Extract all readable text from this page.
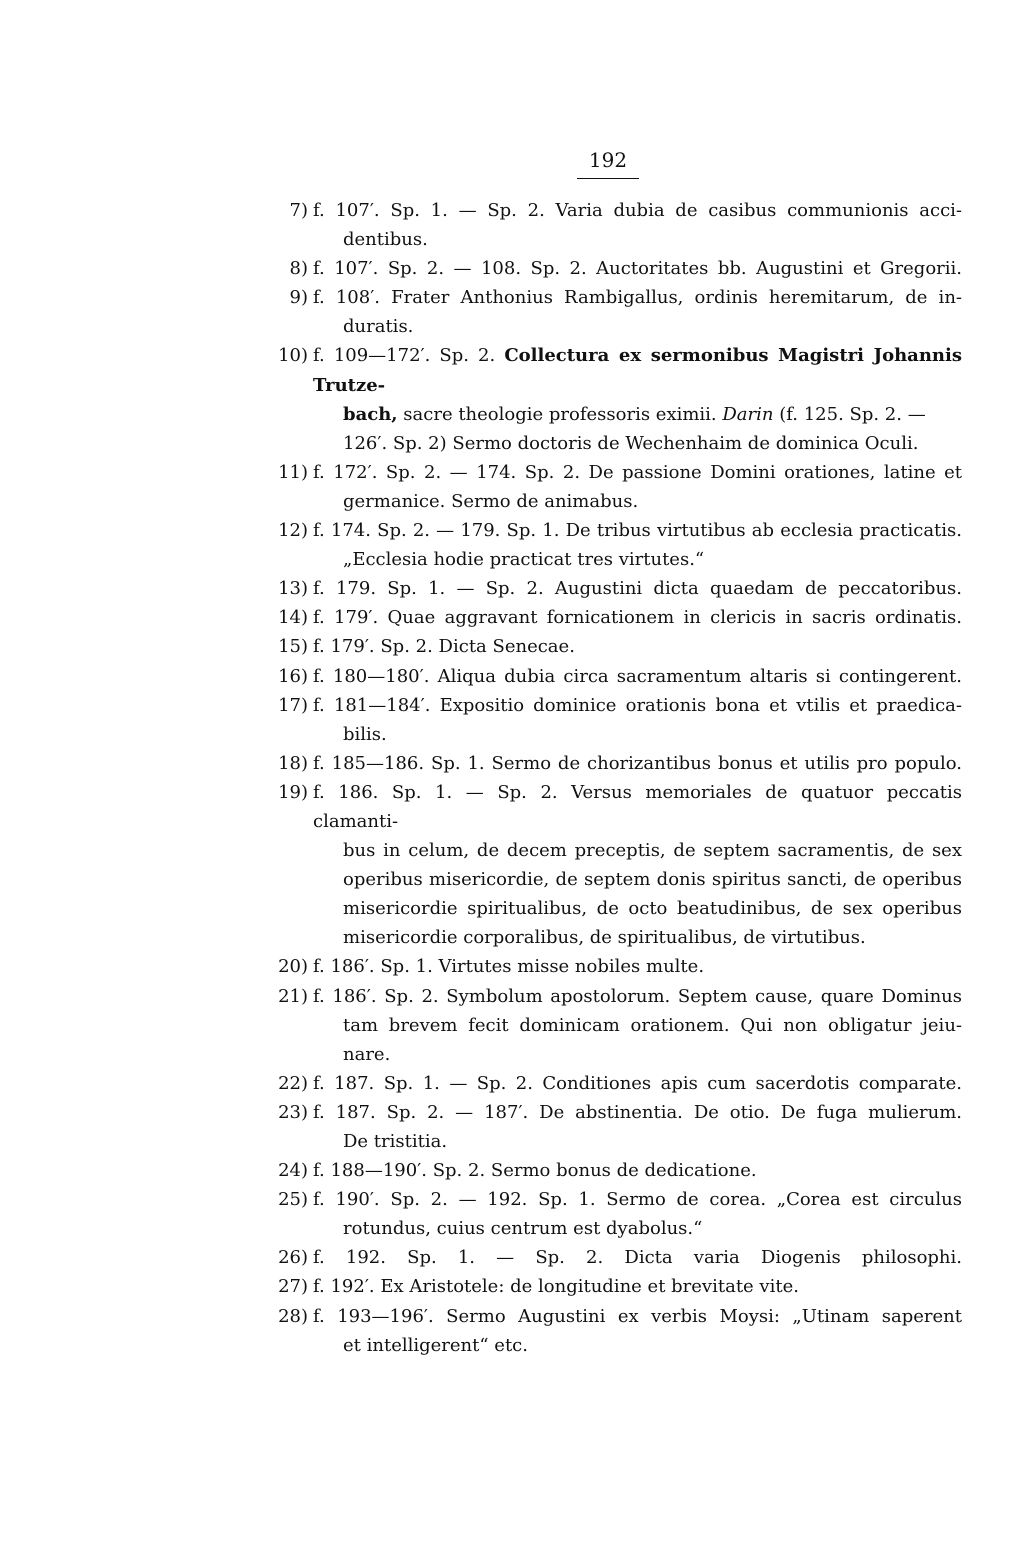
192
7) f. 107′. Sp. 1. — Sp. 2. Varia dubia de casibus communionis acci-
dentibus.
8) f. 107′. Sp. 2. — 108. Sp. 2. Auctoritates bb. Augustini et Gregorii.
9) f. 108′. Frater Anthonius Rambigallus, ordinis heremitarum, de in-
duratis.
10) f. 109—172′. Sp. 2. Collectura ex sermonibus Magistri Johannis Trutze-
bach, sacre theologie professoris eximii. Darin (f. 125. Sp. 2. —
126′. Sp. 2) Sermo doctoris de Wechenhaim de dominica Oculi.
11) f. 172′. Sp. 2. — 174. Sp. 2. De passione Domini orationes, latine et
germanice. Sermo de animabus.
12) f. 174. Sp. 2. — 179. Sp. 1. De tribus virtutibus ab ecclesia practicatis.
„Ecclesia hodie practicat tres virtutes.“
13) f. 179. Sp. 1. — Sp. 2. Augustini dicta quaedam de peccatoribus.
14) f. 179′. Quae aggravant fornicationem in clericis in sacris ordinatis.
15) f. 179′. Sp. 2. Dicta Senecae.
16) f. 180—180′. Aliqua dubia circa sacramentum altaris si contingerent.
17) f. 181—184′. Expositio dominice orationis bona et vtilis et praedica-
bilis.
18) f. 185—186. Sp. 1. Sermo de chorizantibus bonus et utilis pro populo.
19) f. 186. Sp. 1. — Sp. 2. Versus memoriales de quatuor peccatis clamanti-
bus in celum, de decem preceptis, de septem sacramentis, de sex operibus misericordie, de septem donis spiritus sancti, de operibus misericordie spiritualibus, de octo beatudinibus, de sex operibus misericordie corporalibus, de spiritualibus, de virtutibus.
20) f. 186′. Sp. 1. Virtutes misse nobiles multe.
21) f. 186′. Sp. 2. Symbolum apostolorum. Septem cause, quare Dominus
tam brevem fecit dominicam orationem. Qui non obligatur jeiu- nare.
22) f. 187. Sp. 1. — Sp. 2. Conditiones apis cum sacerdotis comparate.
23) f. 187. Sp. 2. — 187′. De abstinentia. De otio. De fuga mulierum.
De tristitia.
24) f. 188—190′. Sp. 2. Sermo bonus de dedicatione.
25) f. 190′. Sp. 2. — 192. Sp. 1. Sermo de corea. „Corea est circulus
rotundus, cuius centrum est dyabolus.“
26) f. 192. Sp. 1. — Sp. 2. Dicta varia Diogenis philosophi.
27) f. 192′. Ex Aristotele: de longitudine et brevitate vite.
28) f. 193—196′. Sermo Augustini ex verbis Moysi: „Utinam saperent
et intelligerent“ etc.
